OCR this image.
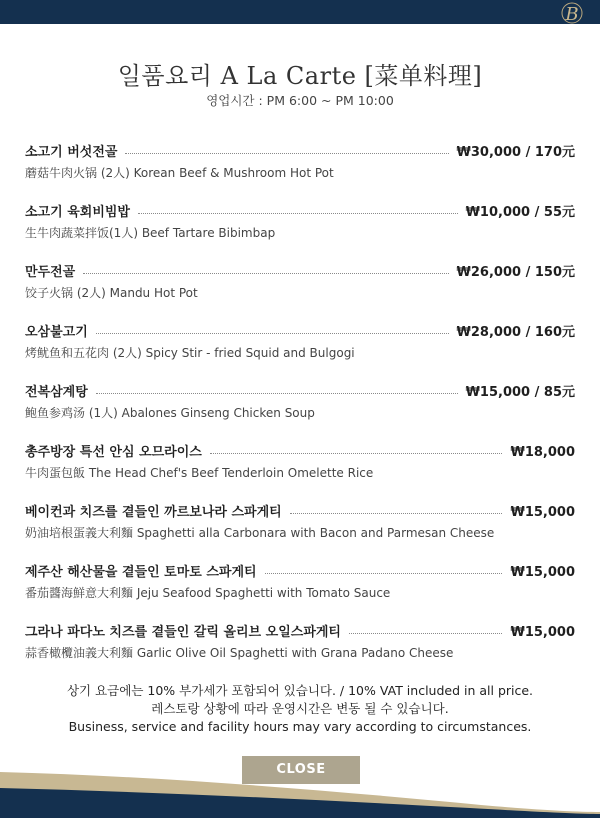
B
일품요리 A La Carte [菜单料理]
영업시간 : PM 6:00 ~ PM 10:00
소고기 버섯전골	₩30,000 / 170元
蘑菇牛肉火锅 (2人) Korean Beef & Mushroom Hot Pot
소고기 육회비빔밥	₩10,000 / 55元
生牛肉蔬菜拌饭(1人) Beef Tartare Bibimbap
만두전골	₩26,000 / 150元
饺子火锅 (2人) Mandu Hot Pot
오삼불고기	₩28,000 / 160元
烤鱿鱼和五花肉 (2人) Spicy Stir - fried Squid and Bulgogi
전복삼계탕	₩15,000 / 85元
鲍鱼参鸡汤 (1人) Abalones Ginseng Chicken Soup
총주방장 특선 안심 오므라이스	₩18,000
牛肉蛋包飯 The Head Chef's Beef Tenderloin Omelette Rice
베이컨과 치즈를 곁들인 까르보나라 스파게티	₩15,000
奶油培根蛋義大利麵 Spaghetti alla Carbonara with Bacon and Parmesan Cheese
제주산 해산물을 곁들인 토마토 스파게티	₩15,000
番茄醬海鮮意大利麵 Jeju Seafood Spaghetti with Tomato Sauce
그라나 파다노 치즈를 곁들인 갈릭 올리브 오일스파게티	₩15,000
蒜香橄欖油義大利麵 Garlic Olive Oil Spaghetti with Grana Padano Cheese
상기 요금에는 10% 부가세가 포함되어 있습니다. / 10% VAT included in all price.
레스토랑 상황에 따라 운영시간은 변동 될 수 있습니다.
Business, service and facility hours may vary according to circumstances.
CLOSE
